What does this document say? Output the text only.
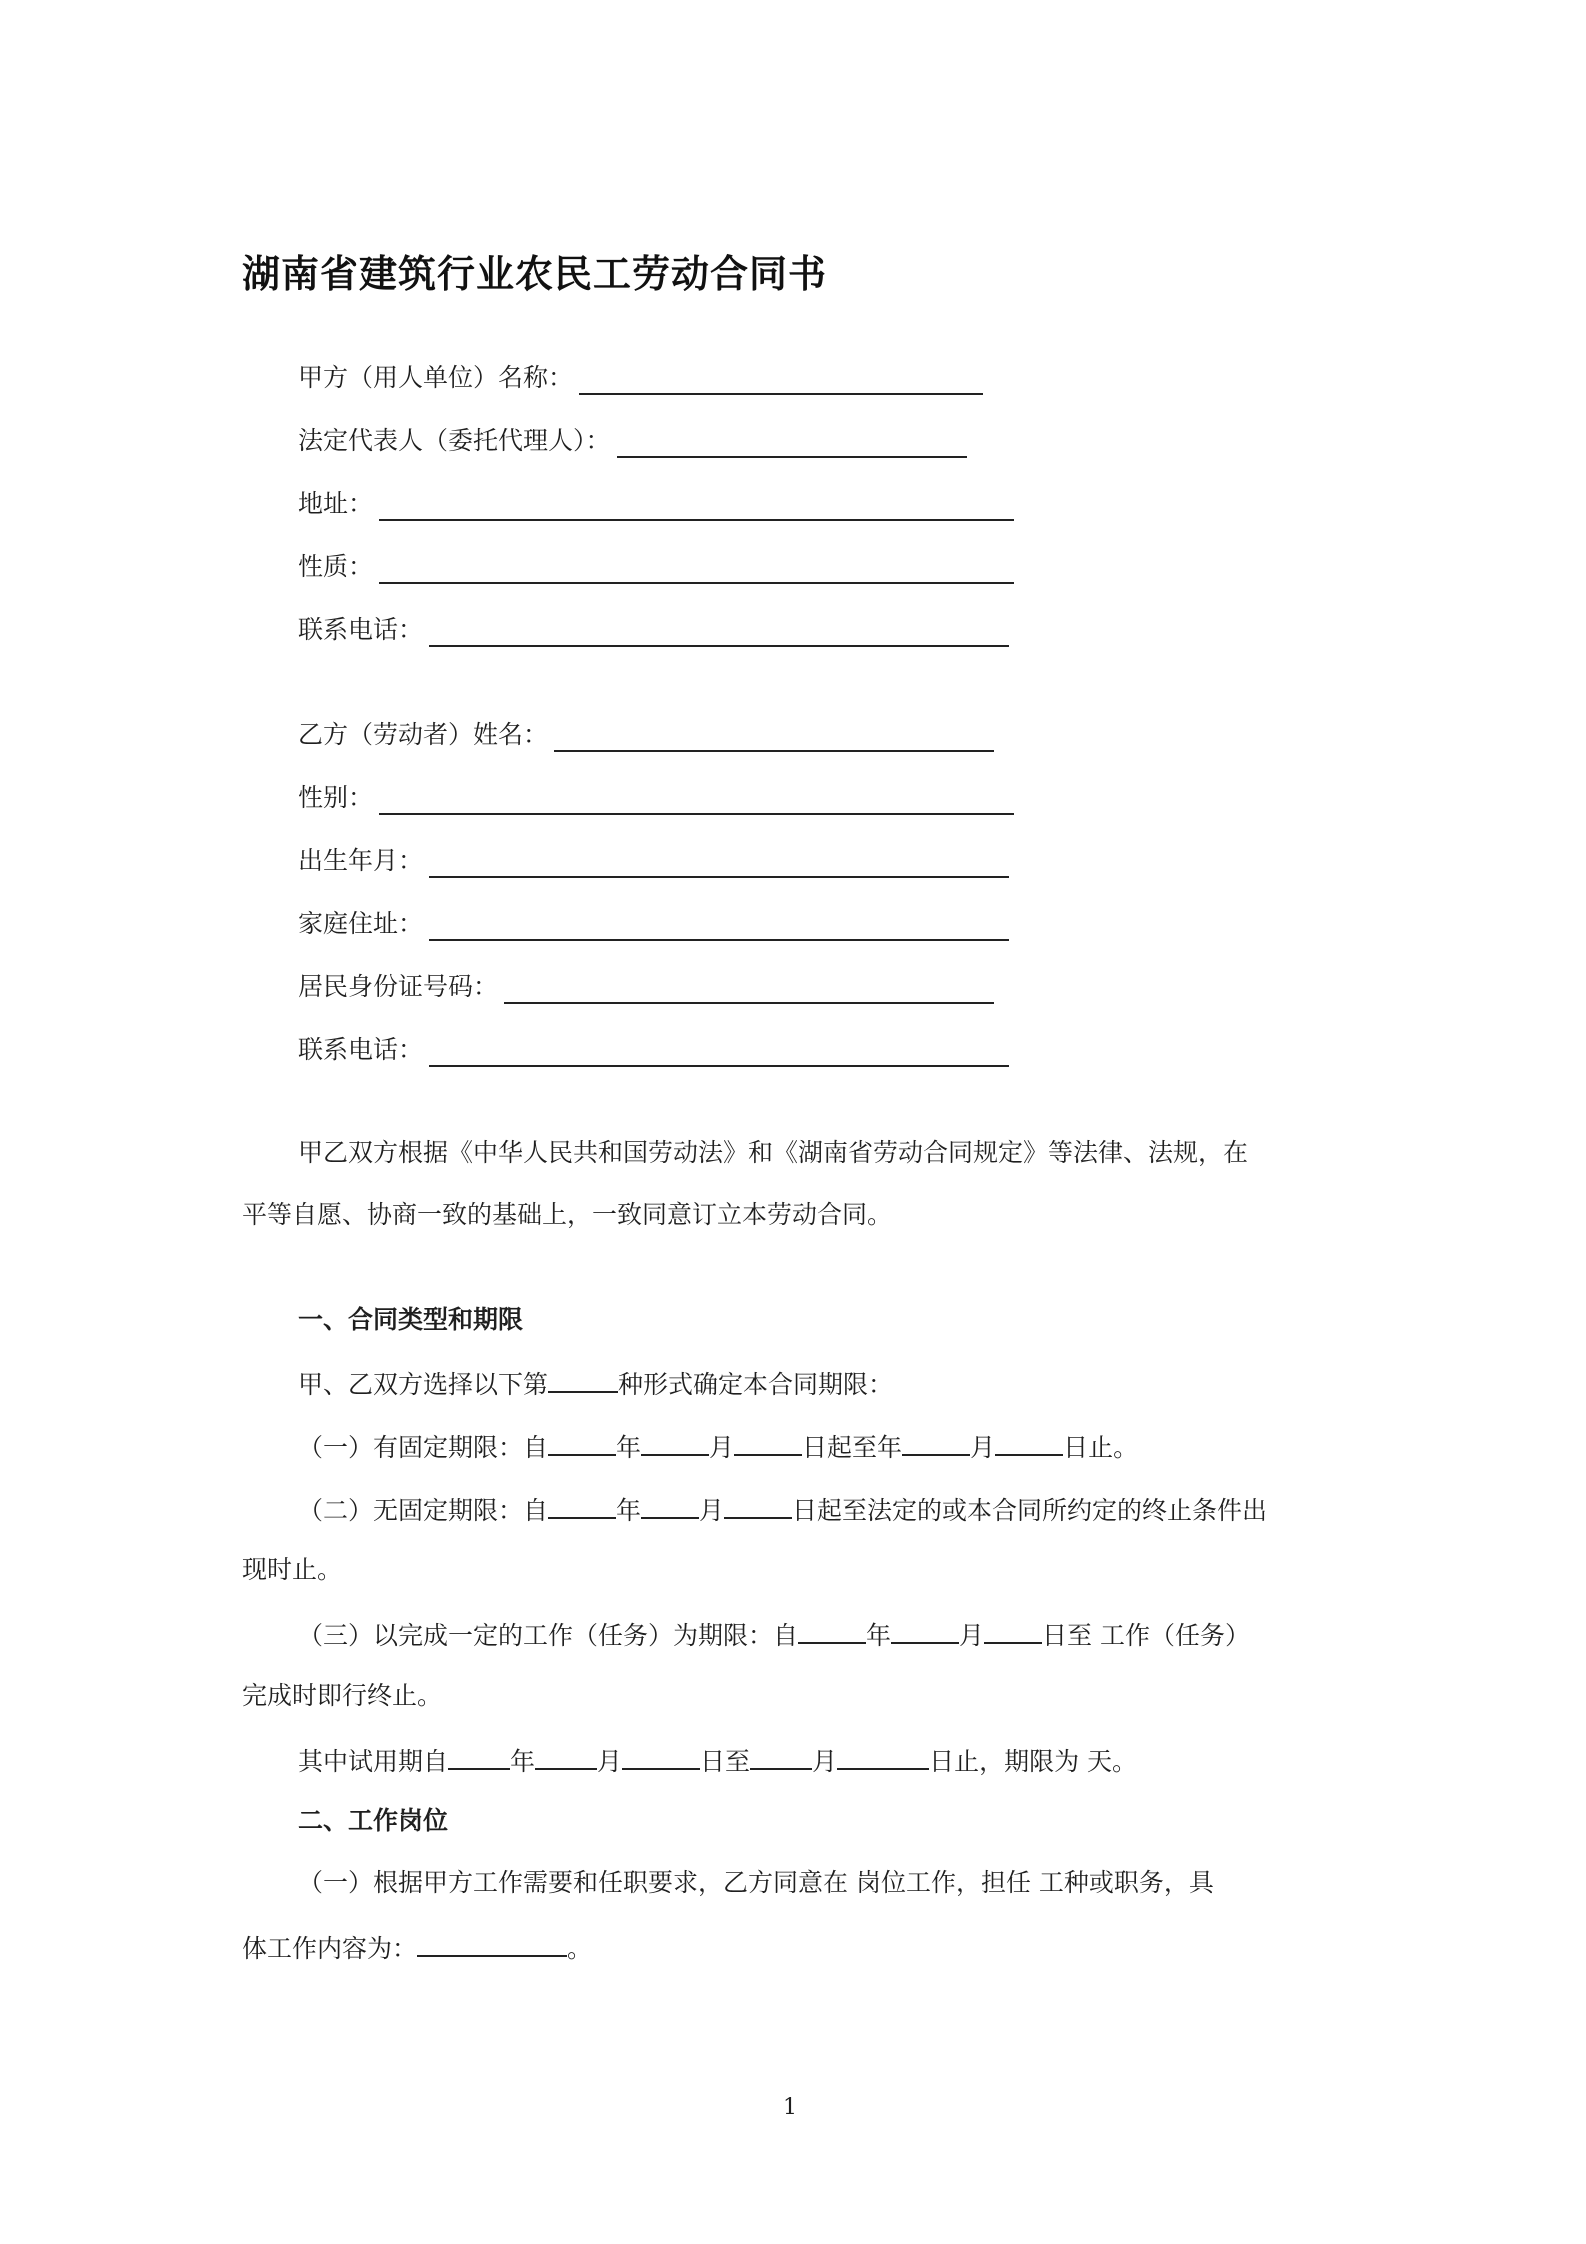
湖南省建筑行业农民工劳动合同书
甲方（用人单位）名称：
法定代表人（委托代理人）：
地址：
性质：
联系电话：
乙方（劳动者）姓名：
性别：
出生年月：
家庭住址：
居民身份证号码：
联系电话：
甲乙双方根据《中华人民共和国劳动法》和《湖南省劳动合同规定》等法律、法规，在
平等自愿、协商一致的基础上，一致同意订立本劳动合同。
一、合同类型和期限
甲、乙双方选择以下第	种形式确定本合同期限：
（一）有固定期限：自	年	月	日起至年	月	日止。
（二）无固定期限：自	年 月	日起至法定的或本合同所约定的终止条件出
现时止。
（三）以完成一定的工作（任务）为期限：自	年	月 日至 工作（任务）
完成时即行终止。
其中试用期自 年 月	日至 月	日止，期限为 天。
二、工作岗位
（一）根据甲方工作需要和任职要求，乙方同意在 岗位工作，担任 工种或职务，具
体工作内容为：	。
1
